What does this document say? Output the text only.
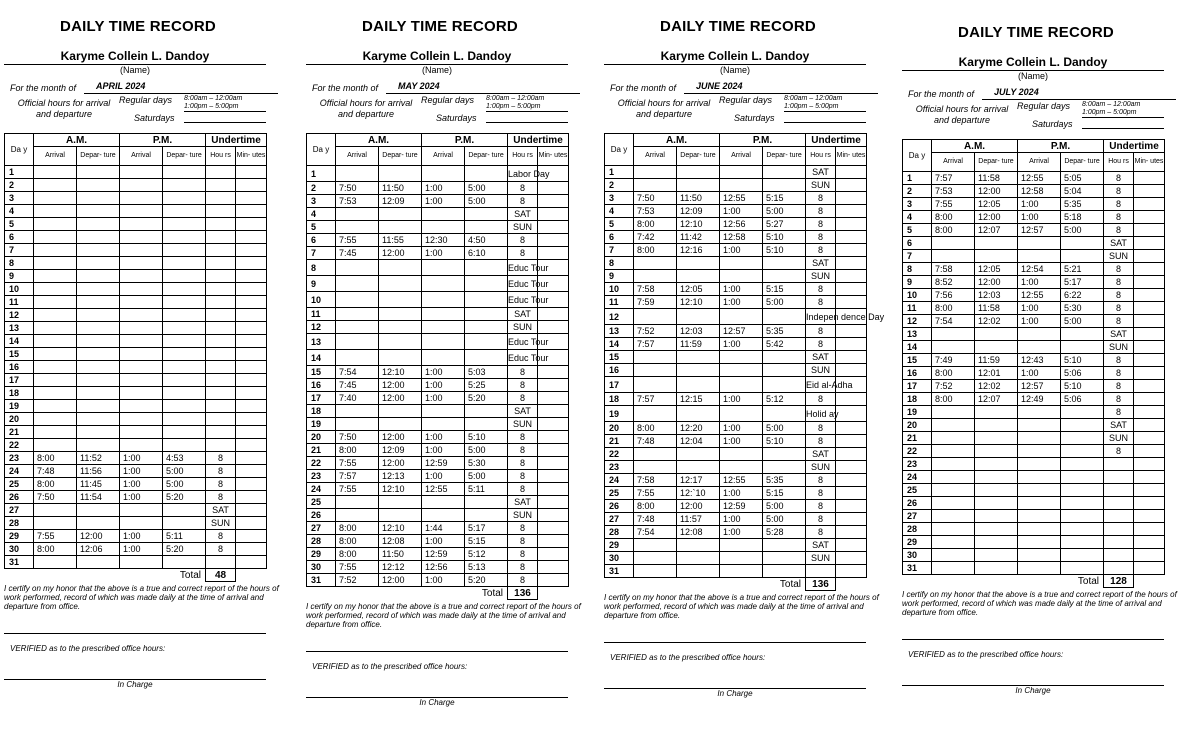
DAILY TIME RECORD
Karyme Collein L. Dandoy
(Name)
For the month of	APRIL 2024
Official hours for arrival and departure
Regular days 8:00am – 12:00am 1:00pm – 5:00pm
Saturdays
Da y	A.M.		P.M.		Undertime	
	Arrival	Depar- ture	Arrival	Depar- ture	Hou rs	Min- utes
1						
2						
3						
4						
5						
6						
7						
8						
9						
10						
11						
12						
13						
14						
15						
16						
17						
18						
19						
20						
21						
22						
23	8:00	11:52	1:00	4:53	8	
24	7:48	11:56	1:00	5:00	8	
25	8:00	11:45	1:00	5:00	8	
26	7:50	11:54	1:00	5:20	8	
27					SAT	
28					SUN	
29	7:55	12:00	1:00	5:11	8	
30	8:00	12:06	1:00	5:20	8	
31						
Total					48	
I certify on my honor that the above is a true and correct report of the hours of work performed, record of which was made daily at the time of arrival and departure from office.
VERIFIED as to the prescribed office hours:
In Charge
DAILY TIME RECORD
Karyme Collein L. Dandoy
(Name)
For the month of	MAY 2024
Official hours for arrival and departure
Regular days 8:00am – 12:00am 1:00pm – 5:00pm
Saturdays
Da y	A.M.		P.M.		Undertime	
	Arrival	Depar- ture	Arrival	Depar- ture	Hou rs	Min- utes
1					Labor Day	
2	7:50	11:50	1:00	5:00	8	
3	7:53	12:09	1:00	5:00	8	
4					SAT	
5					SUN	
6	7:55	11:55	12:30	4:50	8	
7	7:45	12:00	1:00	6:10	8	
8					Educ Tour	
9					Educ Tour	
10					Educ Tour	
11					SAT	
12					SUN	
13					Educ Tour	
14					Educ Tour	
15	7:54	12:10	1:00	5:03	8	
16	7:45	12:00	1:00	5:25	8	
17	7:40	12:00	1:00	5:20	8	
18					SAT	
19					SUN	
20	7:50	12:00	1:00	5:10	8	
21	8:00	12:09	1:00	5:00	8	
22	7:55	12:00	12:59	5:30	8	
23	7:57	12:13	1:00	5:00	8	
24	7:55	12:10	12:55	5:11	8	
25					SAT	
26					SUN	
27	8:00	12:10	1:44	5:17	8	
28	8:00	12:08	1:00	5:15	8	
29	8:00	11:50	12:59	5:12	8	
30	7:55	12:12	12:56	5:13	8	
31	7:52	12:00	1:00	5:20	8	
Total					136	
I certify on my honor that the above is a true and correct report of the hours of work performed, record of which was made daily at the time of arrival and departure from office.
VERIFIED as to the prescribed office hours:
In Charge
DAILY TIME RECORD
Karyme Collein L. Dandoy
(Name)
For the month of	JUNE 2024
Official hours for arrival and departure
Regular days 8:00am – 12:00am 1:00pm – 5:00pm
Saturdays
Da y	A.M.		P.M.		Undertime	
	Arrival	Depar- ture	Arrival	Depar- ture	Hou rs	Min- utes
1					SAT	
2					SUN	
3	7:50	11:50	12:55	5:15	8	
4	7:53	12:09	1:00	5:00	8	
5	8:00	12:10	12:56	5:27	8	
6	7:42	11:42	12:58	5:10	8	
7	8:00	12:16	1:00	5:10	8	
8					SAT	
9					SUN	
10	7:58	12:05	1:00	5:15	8	
11	7:59	12:10	1:00	5:00	8	
12					Indepen dence Day	
13	7:52	12:03	12:57	5:35	8	
14	7:57	11:59	1:00	5:42	8	
15					SAT	
16					SUN	
17					Eid al-Adha	
18	7:57	12:15	1:00	5:12	8	
19					Holid ay	
20	8:00	12:20	1:00	5:00	8	
21	7:48	12:04	1:00	5:10	8	
22					SAT	
23					SUN	
24	7:58	12:17	12:55	5:35	8	
25	7:55	12:`10	1:00	5:15	8	
26	8:00	12:00	12:59	5:00	8	
27	7:48	11:57	1:00	5:00	8	
28	7:54	12:08	1:00	5:28	8	
29					SAT	
30					SUN	
31						
Total					136	
I certify on my honor that the above is a true and correct report of the hours of work performed, record of which was made daily at the time of arrival and departure from office.
VERIFIED as to the prescribed office hours:
In Charge
DAILY TIME RECORD
Karyme Collein L. Dandoy
(Name)
For the month of	JULY 2024
Official hours for arrival and departure
Regular days 8:00am – 12:00am 1:00pm – 5:00pm
Saturdays
Da y	A.M.		P.M.		Undertime	
	Arrival	Depar- ture	Arrival	Depar- ture	Hou rs	Min- utes
1	7:57	11:58	12:55	5:05	8	
2	7:53	12:00	12:58	5:04	8	
3	7:55	12:05	1:00	5:35	8	
4	8:00	12:00	1:00	5:18	8	
5	8:00	12:07	12:57	5:00	8	
6					SAT	
7					SUN	
8	7:58	12:05	12:54	5:21	8	
9	8:52	12:00	1:00	5:17	8	
10	7:56	12:03	12:55	6:22	8	
11	8:00	11:58	1:00	5:30	8	
12	7:54	12:02	1:00	5:00	8	
13					SAT	
14					SUN	
15	7:49	11:59	12:43	5:10	8	
16	8:00	12:01	1:00	5:06	8	
17	7:52	12:02	12:57	5:10	8	
18	8:00	12:07	12:49	5:06	8	
19					8	
20					SAT	
21					SUN	
22					8	
23						
24						
25						
26						
27						
28						
29						
30						
31						
Total					128	
I certify on my honor that the above is a true and correct report of the hours of work performed, record of which was made daily at the time of arrival and departure from office.
VERIFIED as to the prescribed office hours:
In Charge
